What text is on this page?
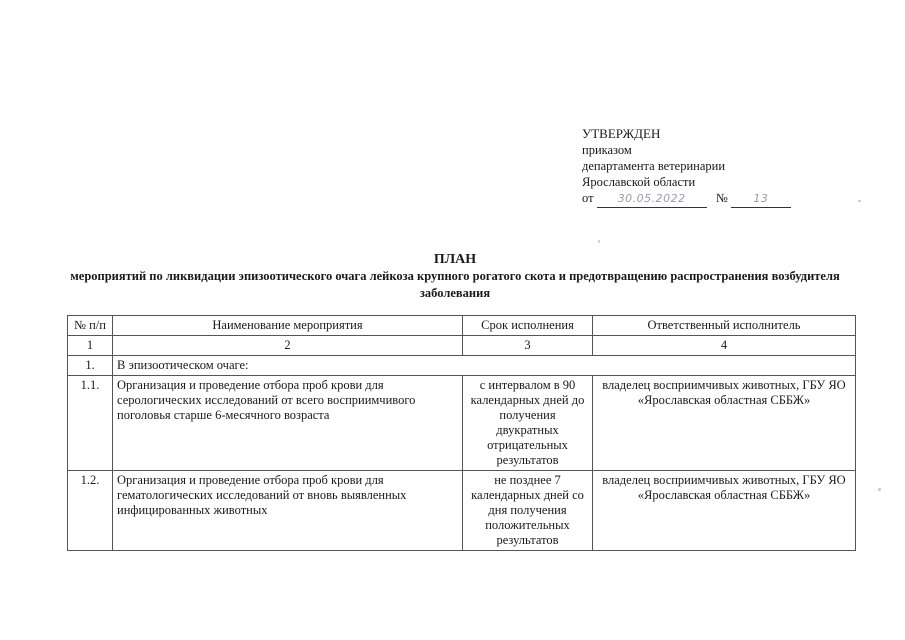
УТВЕРЖДЕН
приказом
департамента ветеринарии
Ярославской области
от 30.05.2022 № 13
ПЛАН
мероприятий по ликвидации эпизоотического очага лейкоза крупного рогатого скота и предотвращению распространения возбудителя заболевания
№ п/п	Наименование мероприятия	Срок исполнения	Ответственный исполнитель
1	2	3	4
1.	В эпизоотическом очаге:		
1.1.	Организация и проведение отбора проб крови для серологических исследований от всего восприимчивого поголовья старше 6-месячного возраста	с интервалом в 90 календарных дней до получения двукратных отрицательных результатов	владелец восприимчивых животных, ГБУ ЯО «Ярославская областная СББЖ»
1.2.	Организация и проведение отбора проб крови для гематологических исследований от вновь выявленных инфицированных животных	не позднее 7 календарных дней со дня получения положительных результатов	владелец восприимчивых животных, ГБУ ЯО «Ярославская областная СББЖ»
